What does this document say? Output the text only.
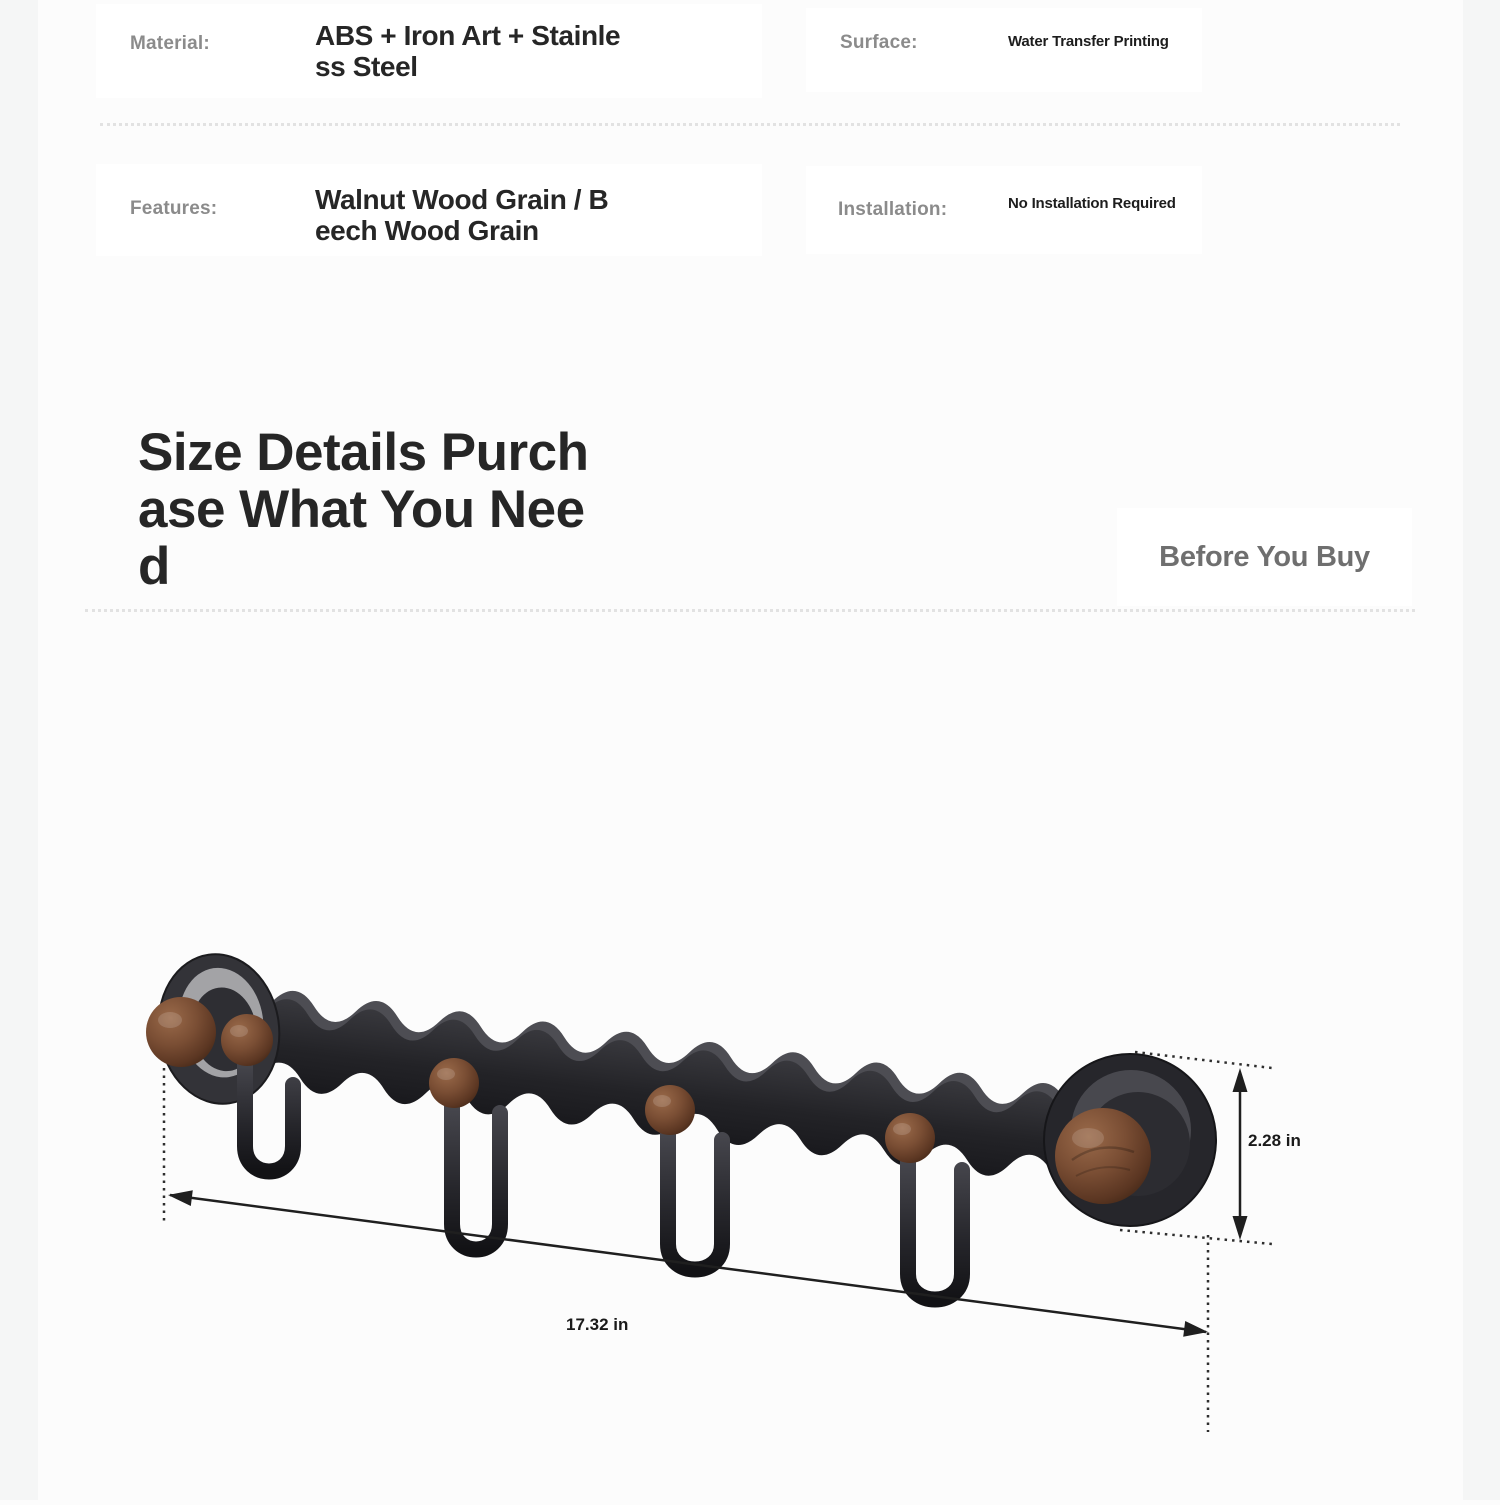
Material:	ABS + Iron Art + Stainless Steel
Surface:	Water Transfer Printing
Features:	Walnut Wood Grain / Beech Wood Grain
Installation:	No Installation Required
Size Details Purchase What You Need	Before You Buy
17.32 in
2.28 in
